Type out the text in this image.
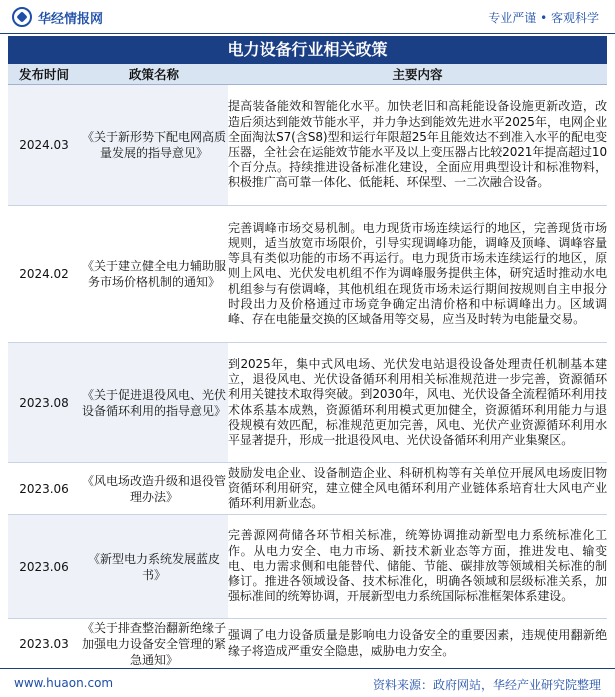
华经情报网	专业严谨 • 客观科学
电力设备行业相关政策
发布时间	政策名称	主要内容
2024.03	《关于新形势下配电网高质量发展的指导意见》	提高装备能效和智能化水平。加快老旧和高耗能设备设施更新改造，改造后须达到能效节能水平，并力争达到能效先进水平2025年，电网企业全面淘汰S7(含S8)型和运行年限超25年且能效达不到准入水平的配电变压器，全社会在运能效节能水平及以上变压器占比较2021年提高超过10个百分点。持续推进设备标准化建设，全面应用典型设计和标准物料，积极推广高可靠一体化、低能耗、环保型、一二次融合设备。
2024.02	《关于建立健全电力辅助服务市场价格机制的通知》	完善调峰市场交易机制。电力现货市场连续运行的地区，完善现货市场规则，适当放宽市场限价，引导实现调峰功能，调峰及顶峰、调峰容量等具有类似功能的市场不再运行。电力现货市场未连续运行的地区，原则上风电、光伏发电机组不作为调峰服务提供主体，研究适时推动水电机组参与有偿调峰，其他机组在现货市场未运行期间按规则自主申报分时段出力及价格通过市场竞争确定出清价格和中标调峰出力。区域调峰、存在电能量交换的区域备用等交易，应当及时转为电能量交易。
2023.08	《关于促进退役风电、光伏设备循环利用的指导意见》	到2025年，集中式风电场、光伏发电站退役设备处理责任机制基本建立，退役风电、光伏设备循环利用相关标准规范进一步完善，资源循环利用关键技术取得突破。到2030年，风电、光伏设备全流程循环利用技术体系基本成熟，资源循环利用模式更加健全，资源循环利用能力与退役规模有效匹配，标准规范更加完善，风电、光伏产业资源循环利用水平显著提升，形成一批退役风电、光伏设备循环利用产业集聚区。
2023.06	《风电场改造升级和退役管理办法》	鼓励发电企业、设备制造企业、科研机构等有关单位开展风电场废旧物资循环利用研究，建立健全风电循环利用产业链体系培育壮大风电产业循环利用新业态。
2023.06	《新型电力系统发展蓝皮书》	完善源网荷储各环节相关标准，统筹协调推动新型电力系统标准化工作。从电力安全、电力市场、新技术新业态等方面，推进发电、输变电、电力需求侧和电能替代、储能、节能、碳排放等领域相关标准的制修订。推进各领域设备、技术标准化，明确各领域和层级标准关系，加强标准间的统筹协调，开展新型电力系统国际标准框架体系建设。
2023.03	《关于排查整治翻新绝缘子加强电力设备安全管理的紧急通知》	强调了电力设备质量是影响电力设备安全的重要因素，违规使用翻新绝缘子将造成严重安全隐患，威胁电力安全。
www.huaon.com	资料来源：政府网站，华经产业研究院整理
